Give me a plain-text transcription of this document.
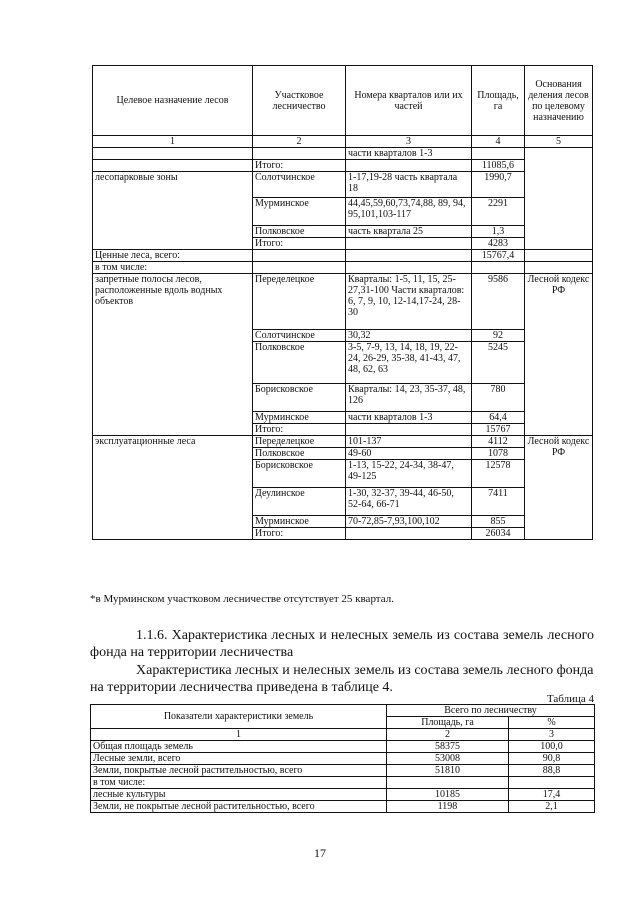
Целевое назначение лесов	Участковое лесничество	Номера кварталов или их частей	Площадь, га	Основания деления лесов по целевому назначению
1	2	3	4	5
		части кварталов 1-3		
	Итого:		11085,6	
лесопарковые зоны	Солотчинское	1-17,19-28 часть квартала 18	1990,7	
	Мурминское	44,45,59,60,73,74,88, 89, 94, 95,101,103-117	2291	
	Полковское	часть квартала 25	1,3	
	Итого:		4283	
Ценные леса, всего:			15767,4	
в том числе:				
запретные полосы лесов, расположенные вдоль водных объектов	Переделецкое	Кварталы: 1-5, 11, 15, 25-27,31-100 Части кварталов: 6, 7, 9, 10, 12-14,17-24, 28-30	9586	Лесной кодекс РФ
	Солотчинское	30,32	92	
	Полковское	3-5, 7-9, 13, 14, 18, 19, 22-24, 26-29, 35-38, 41-43, 47, 48, 62, 63	5245	
	Борисковское	Кварталы: 14, 23, 35-37, 48, 126	780	
	Мурминское	части кварталов 1-3	64,4	
	Итого:		15767	
эксплуатационные леса	Переделецкое	101-137	4112	Лесной кодекс РФ
	Полковское	49-60	1078	
	Борисковское	1-13, 15-22, 24-34, 38-47, 49-125	12578	
	Деулинское	1-30, 32-37, 39-44, 46-50, 52-64, 66-71	7411	
	Мурминское	70-72,85-7,93,100,102	855	
	Итого:		26034	

*в Мурминском участковом лесничестве отсутствует 25 квартал.

1.1.6. Характеристика лесных и нелесных земель из состава земель лесного фонда на территории лесничества

Характеристика лесных и нелесных земель из состава земель лесного фонда на территории лесничества приведена в таблице 4.

Таблица 4

Показатели характеристики земель	Всего по лесничеству	
	Площадь, га	%
1	2	3
Общая площадь земель	58375	100,0
Лесные земли, всего	53008	90,8
Земли, покрытые лесной растительностью, всего	51810	88,8
в том числе:		
лесные культуры	10185	17,4
Земли, не покрытые лесной растительностью, всего	1198	2,1

17
